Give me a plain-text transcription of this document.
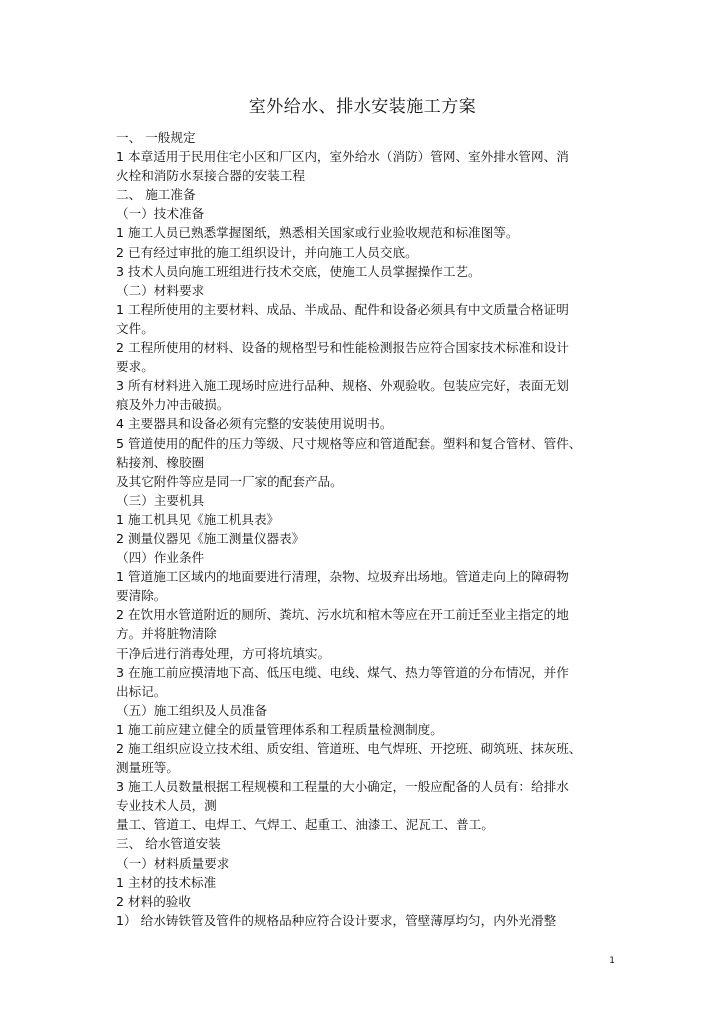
室外给水、排水安装施工方案
一、 一般规定
1 本章适用于民用住宅小区和厂区内，室外给水（消防）管网、室外排水管网、消
火栓和消防水泵接合器的安装工程
二、 施工准备
（一）技术准备
1 施工人员已熟悉掌握图纸，熟悉相关国家或行业验收规范和标准图等。
2 已有经过审批的施工组织设计，并向施工人员交底。
3 技术人员向施工班组进行技术交底，使施工人员掌握操作工艺。
（二）材料要求
1 工程所使用的主要材料、成品、半成品、配件和设备必须具有中文质量合格证明
文件。
2 工程所使用的材料、设备的规格型号和性能检测报告应符合国家技术标准和设计
要求。
3 所有材料进入施工现场时应进行品种、规格、外观验收。包装应完好，表面无划
痕及外力冲击破损。
4 主要器具和设备必须有完整的安装使用说明书。
5 管道使用的配件的压力等级、尺寸规格等应和管道配套。塑料和复合管材、管件、
粘接剂、橡胶圈
及其它附件等应是同一厂家的配套产品。
（三）主要机具
1 施工机具见《施工机具表》
2 测量仪器见《施工测量仪器表》
（四）作业条件
1 管道施工区域内的地面要进行清理，杂物、垃圾弃出场地。管道走向上的障碍物
要清除。
2 在饮用水管道附近的厕所、粪坑、污水坑和棺木等应在开工前迁至业主指定的地
方。并将脏物清除
干净后进行消毒处理，方可将坑填实。
3 在施工前应摸清地下高、低压电缆、电线、煤气、热力等管道的分布情况，并作
出标记。
（五）施工组织及人员准备
1 施工前应建立健全的质量管理体系和工程质量检测制度。
2 施工组织应设立技术组、质安组、管道班、电气焊班、开挖班、砌筑班、抹灰班、
测量班等。
3 施工人员数量根据工程规模和工程量的大小确定，一般应配备的人员有：给排水
专业技术人员，测
量工、管道工、电焊工、气焊工、起重工、油漆工、泥瓦工、普工。
三、 给水管道安装
（一）材料质量要求
1 主材的技术标准
2 材料的验收
1） 给水铸铁管及管件的规格品种应符合设计要求，管壁薄厚均匀，内外光滑整
1
